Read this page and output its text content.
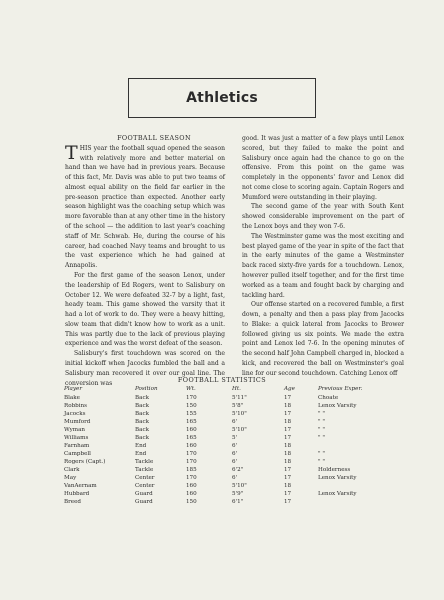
Athletics
FOOTBALL SEASON

THIS year the football squad opened the season with relatively more and better material on hand than we have had in previous years. Because of this fact, Mr. Davis was able to put two teams of almost equal ability on the field far earlier in the pre-season practice than expected. Another early season highlight was the coaching setup which was more favorable than at any other time in the history of the school — the addition to last year's coaching staff of Mr. Schwab. He, during the course of his career, had coached Navy teams and brought to us the vast experience which he had gained at Annapolis.

For the first game of the season Lenox, under the leadership of Ed Rogers, went to Salisbury on October 12. We were defeated 32-7 by a light, fast, heady team. This game showed the varsity that it had a lot of work to do. They were a heavy hitting, slow team that didn't know how to work as a unit. This was partly due to the lack of previous playing experience and was the worst defeat of the season.

Salisbury's first touchdown was scored on the initial kickoff when Jacocks fumbled the ball and a Salisbury man recovered it over our goal line. The conversion was

good. It was just a matter of a few plays until Lenox scored, but they failed to make the point and Salisbury once again had the chance to go on the offensive. From this point on the game was completely in the opponents' favor and Lenox did not come close to scoring again. Captain Rogers and Mumford were outstanding in their playing.

The second game of the year with South Kent showed considerable improvement on the part of the Lenox boys and they won 7-6.

The Westminster game was the most exciting and best played game of the year in spite of the fact that in the early minutes of the game a Westminster back raced sixty-five yards for a touchdown. Lenox, however pulled itself together, and for the first time worked as a team and fought back by charging and tackling hard.

Our offense started on a recovered fumble, a first down, a penalty and then a pass play from Jacocks to Blake: a quick lateral from Jacocks to Brower followed giving us six points. We made the extra point and Lenox led 7-6. In the opening minutes of the second half John Campbell charged in, blocked a kick, and recovered the ball on Westminster's goal line for our second touchdown. Catching Lenox off

FOOTBALL STATISTICS
Player	Position	Wt.	Ht.	Age	Previous Exper.
Blake	Back	170	5'11"	17	Choate
Robbins	Back	150	5'8"	18	Lenox Varsity
Jacocks	Back	155	5'10"	17	" "
Mumford	Back	165	6'	18	" "
Wyman	Back	160	5'10"	17	" "
Williams	Back	165	5'	17	" "
Farnham	End	160	6'	18
Campbell	End	170	6'	18	" "
Rogers (Capt.)	Tackle	170	6'	18	" "
Clark	Tackle	185	6'2"	17	Holderness
May	Center	170	6'	17	Lenox Varsity
VanAernam	Center	160	5'10"	18
Hubbard	Guard	160	5'9"	17	Lenox Varsity
Breed	Guard	150	6'1"	17
